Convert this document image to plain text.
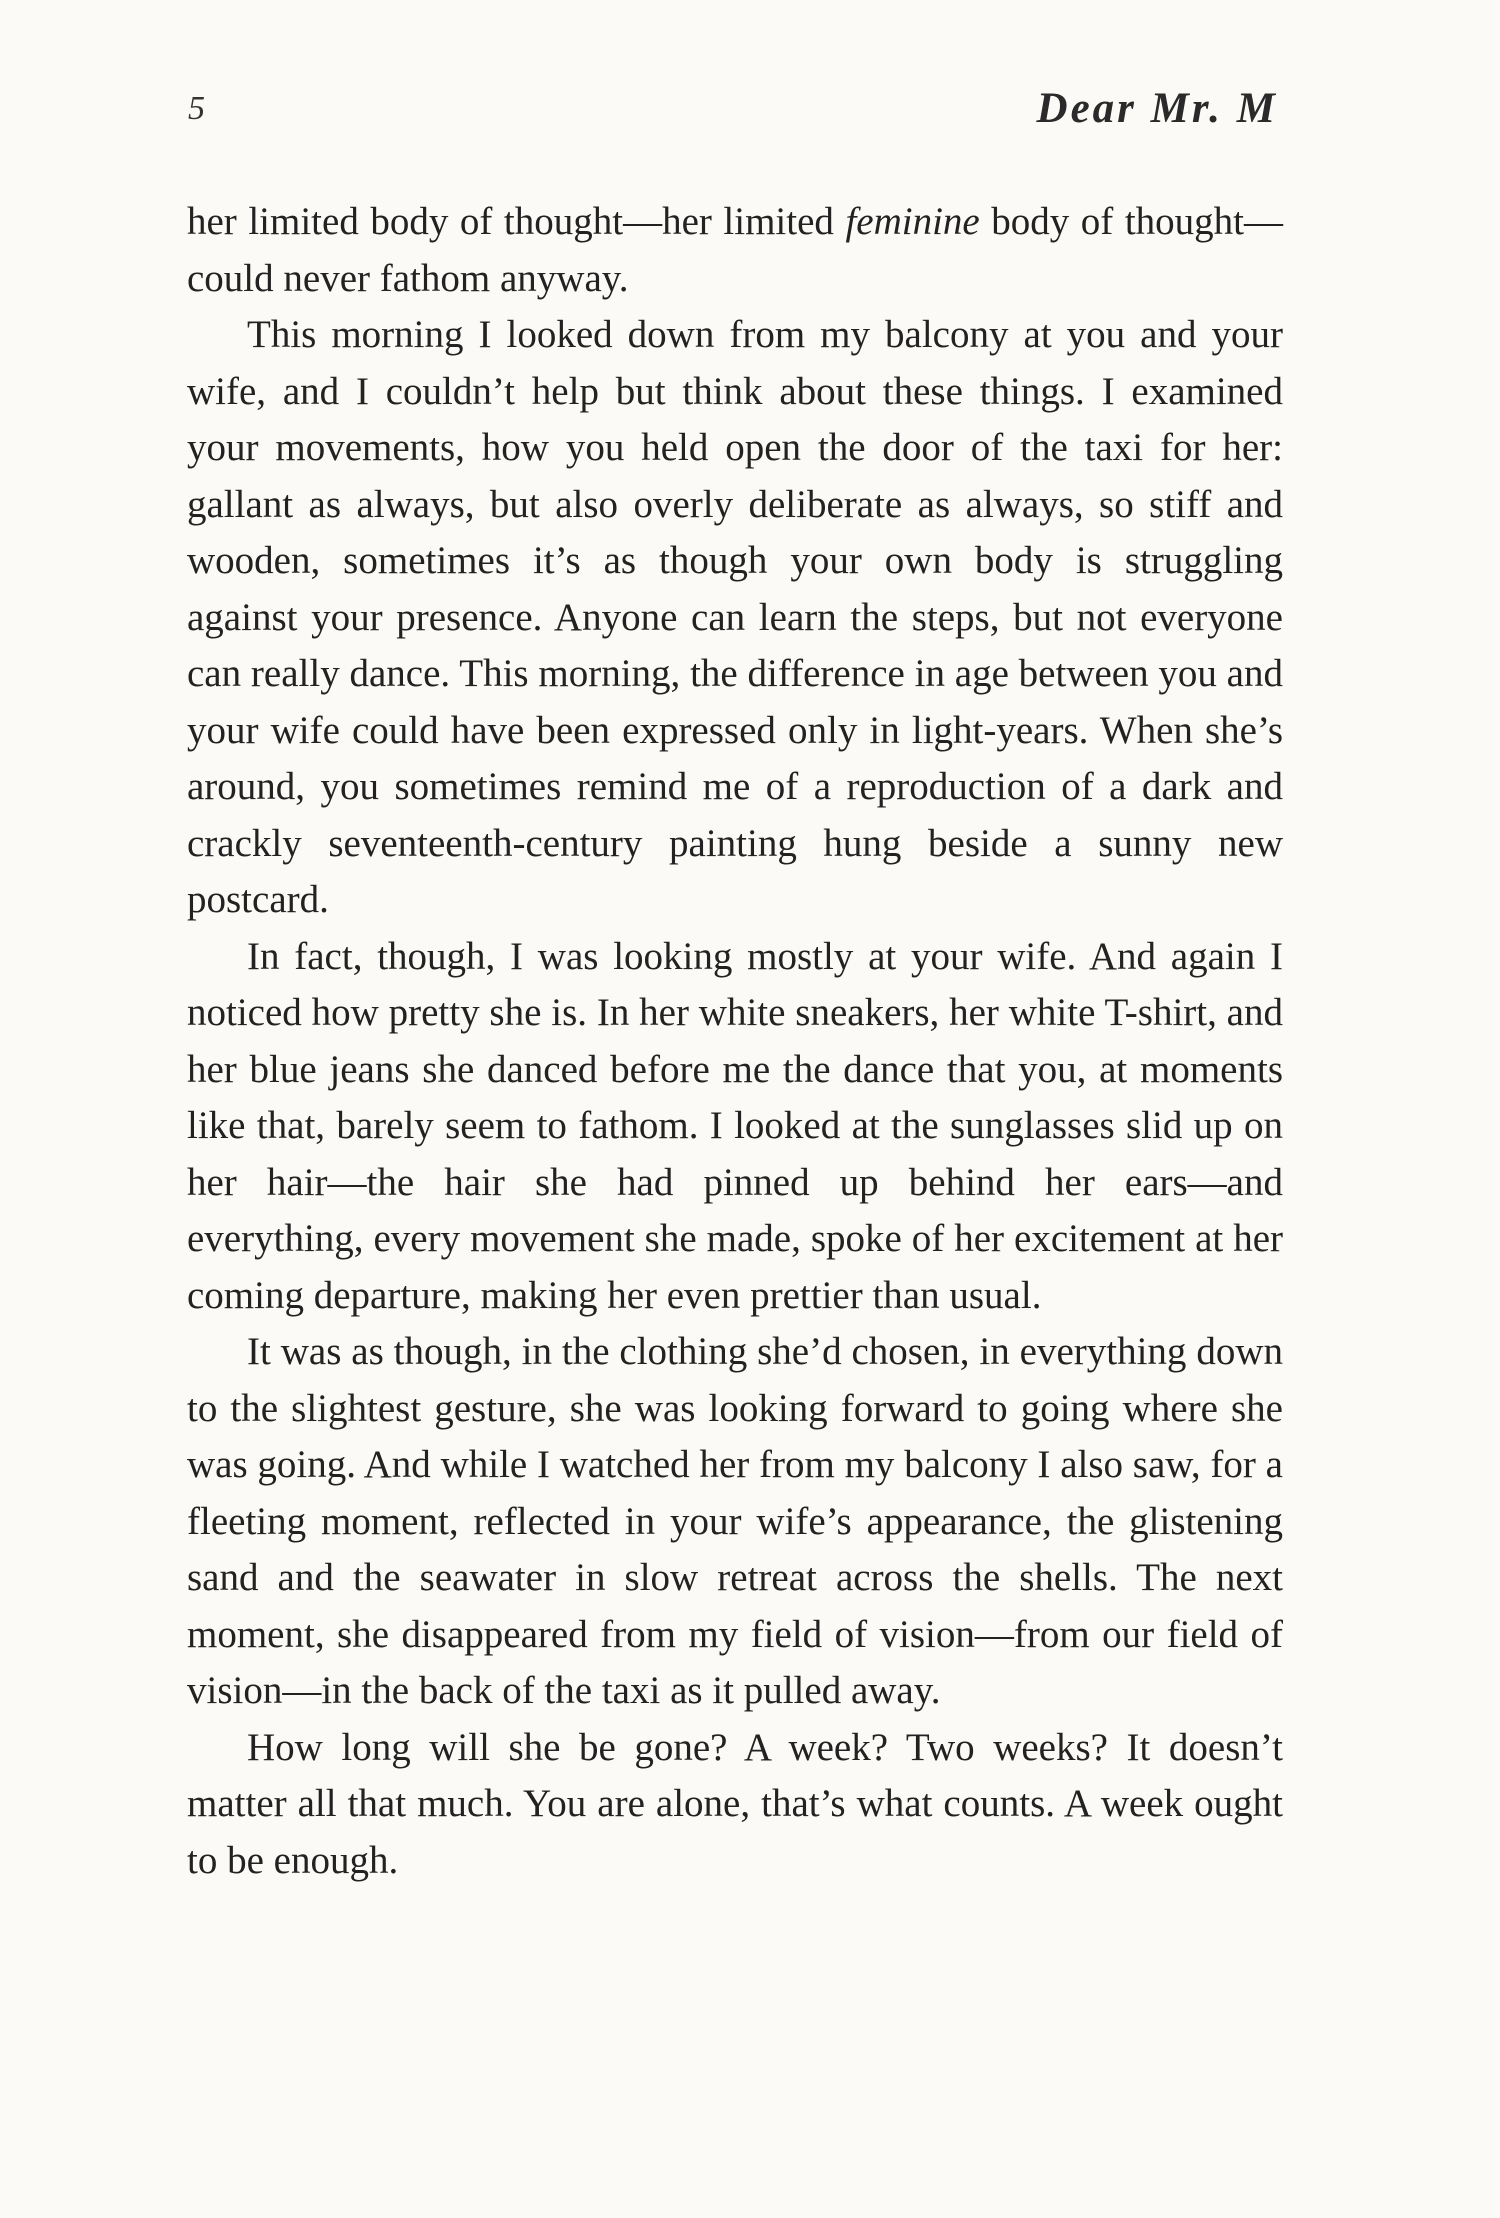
5	Dear Mr. M

her limited body of thought—her limited feminine body of thought—could never fathom anyway.

This morning I looked down from my balcony at you and your wife, and I couldn’t help but think about these things. I examined your movements, how you held open the door of the taxi for her: gallant as always, but also overly deliberate as always, so stiff and wooden, sometimes it’s as though your own body is struggling against your presence. Anyone can learn the steps, but not everyone can really dance. This morning, the difference in age between you and your wife could have been expressed only in light-years. When she’s around, you sometimes remind me of a reproduction of a dark and crackly seventeenth-century painting hung beside a sunny new postcard.

In fact, though, I was looking mostly at your wife. And again I noticed how pretty she is. In her white sneakers, her white T-shirt, and her blue jeans she danced before me the dance that you, at moments like that, barely seem to fathom. I looked at the sunglasses slid up on her hair—the hair she had pinned up behind her ears—and everything, every movement she made, spoke of her excitement at her coming departure, making her even prettier than usual.

It was as though, in the clothing she’d chosen, in everything down to the slightest gesture, she was looking forward to going where she was going. And while I watched her from my balcony I also saw, for a fleeting moment, reflected in your wife’s appearance, the glistening sand and the seawater in slow retreat across the shells. The next moment, she disappeared from my field of vision—from our field of vision—in the back of the taxi as it pulled away.

How long will she be gone? A week? Two weeks? It doesn’t matter all that much. You are alone, that’s what counts. A week ought to be enough.
